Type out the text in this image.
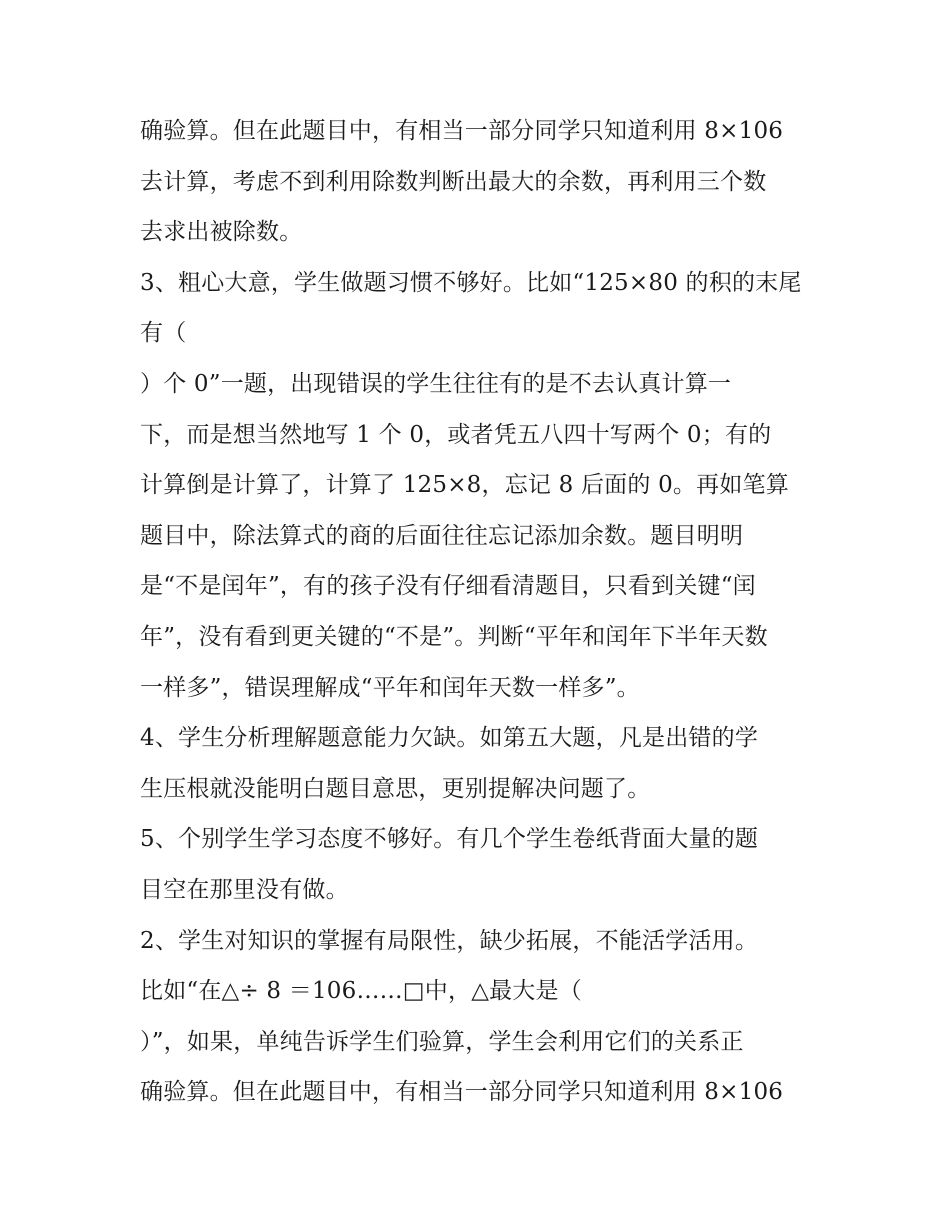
确验算。但在此题目中，有相当一部分同学只知道利用 8×106
去计算，考虑不到利用除数判断出最大的余数，再利用三个数
去求出被除数。
3、粗心大意，学生做题习惯不够好。比如“125×80 的积的末尾
有（
）个 0”一题，出现错误的学生往往有的是不去认真计算一
下，而是想当然地写 1 个 0，或者凭五八四十写两个 0；有的
计算倒是计算了，计算了 125×8，忘记 8 后面的 0。再如笔算
题目中，除法算式的商的后面往往忘记添加余数。题目明明
是“不是闰年”，有的孩子没有仔细看清题目，只看到关键“闰
年”，没有看到更关键的“不是”。判断“平年和闰年下半年天数
一样多”，错误理解成“平年和闰年天数一样多”。
4、学生分析理解题意能力欠缺。如第五大题，凡是出错的学
生压根就没能明白题目意思，更别提解决问题了。
5、个别学生学习态度不够好。有几个学生卷纸背面大量的题
目空在那里没有做。
2、学生对知识的掌握有局限性，缺少拓展，不能活学活用。
比如“在△÷ 8 ＝106……□中，△最大是（
）”，如果，单纯告诉学生们验算，学生会利用它们的关系正
确验算。但在此题目中，有相当一部分同学只知道利用 8×106
